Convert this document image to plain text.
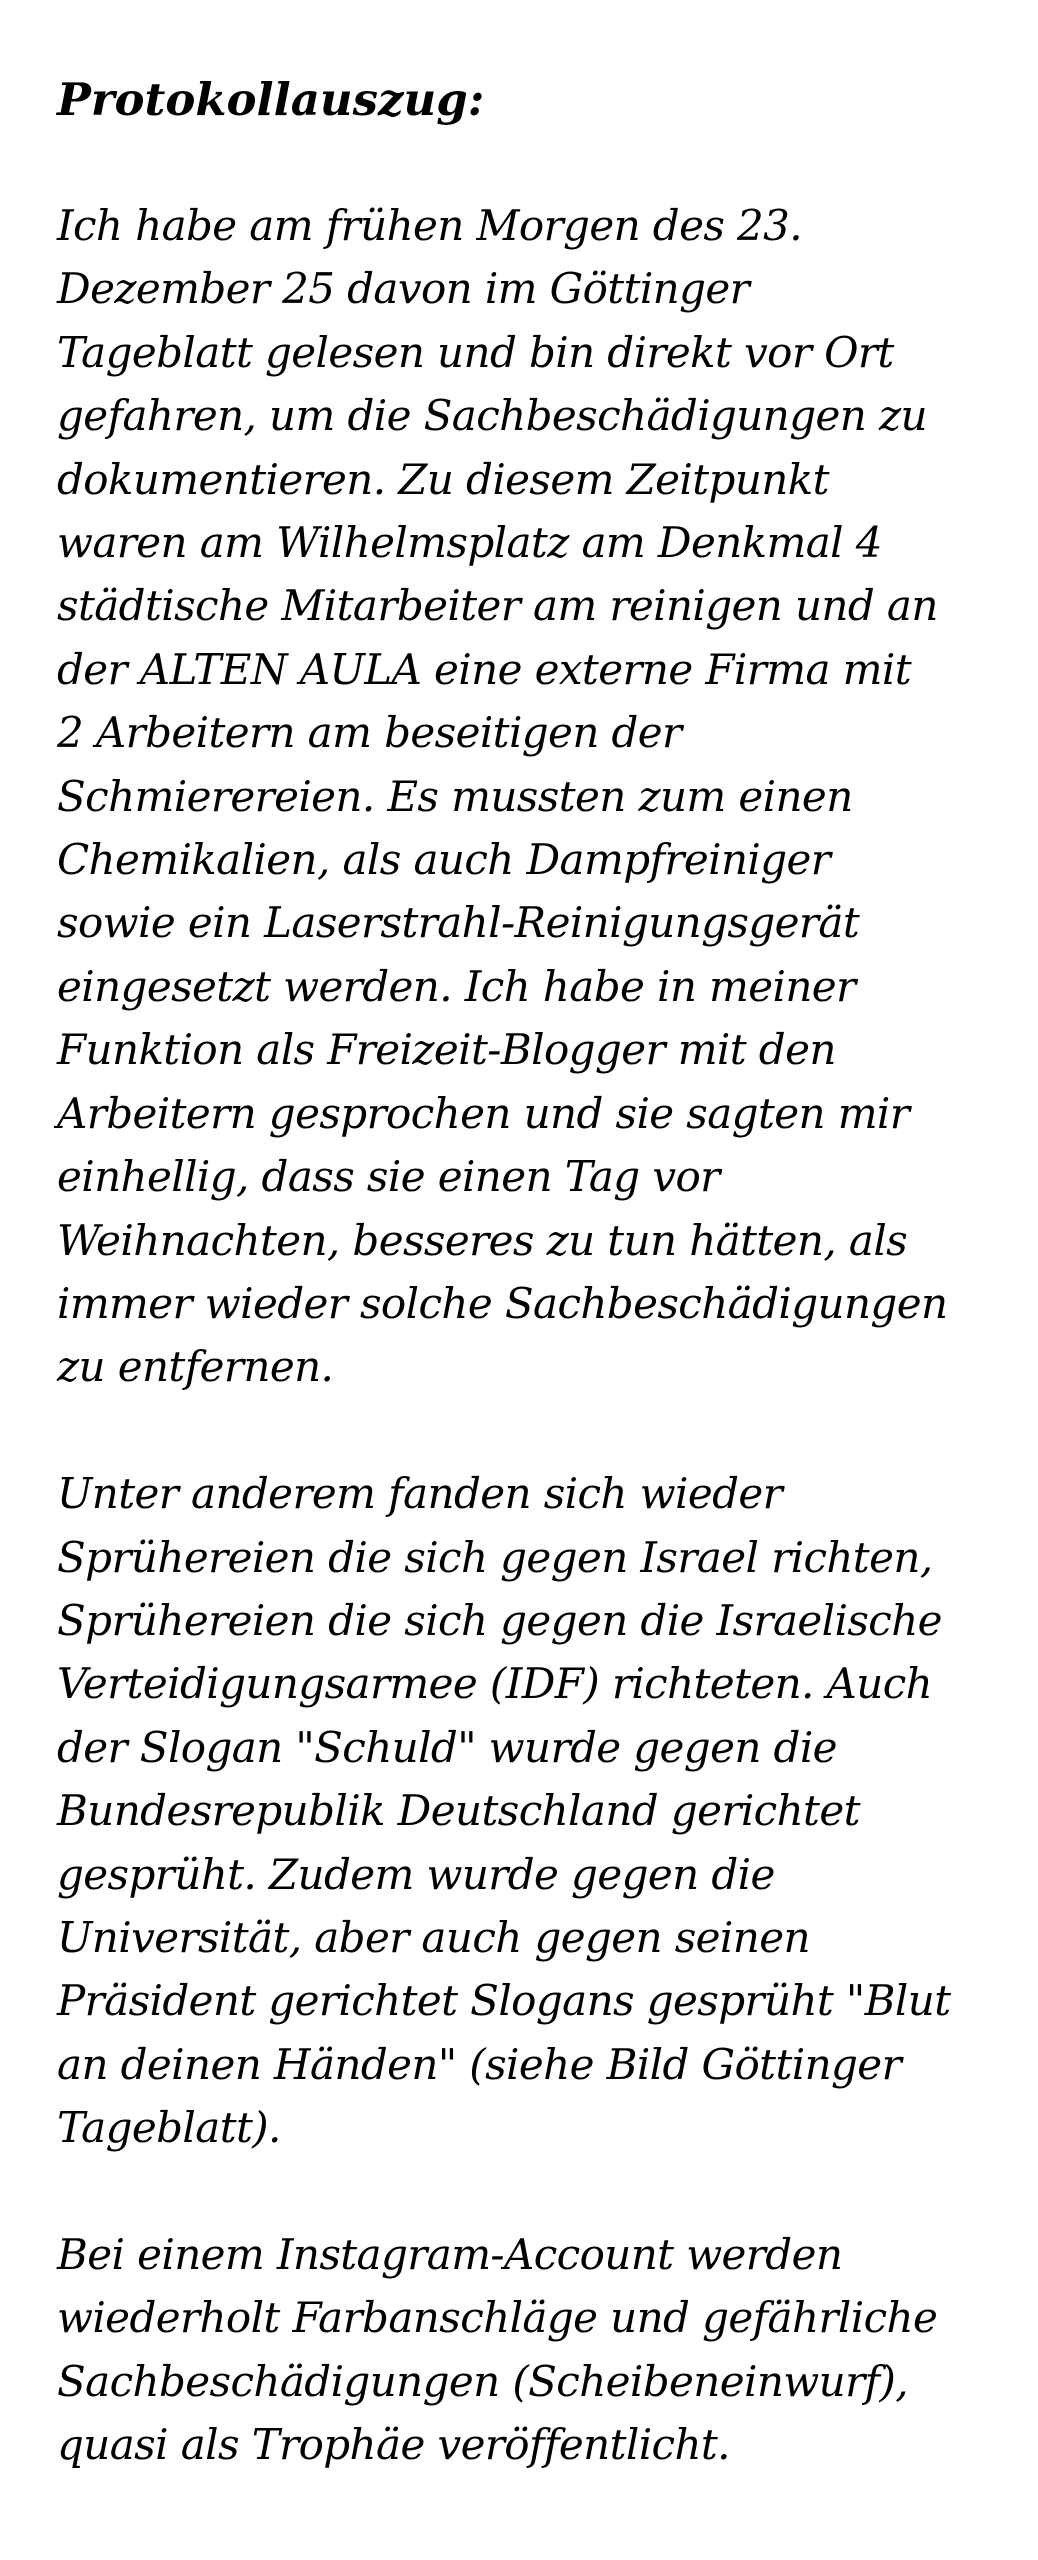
Protokollauszug:
Ich habe am frühen Morgen des 23.
Dezember 25 davon im Göttinger
Tageblatt gelesen und bin direkt vor Ort
gefahren, um die Sachbeschädigungen zu
dokumentieren. Zu diesem Zeitpunkt
waren am Wilhelmsplatz am Denkmal 4
städtische Mitarbeiter am reinigen und an
der ALTEN AULA eine externe Firma mit
2 Arbeitern am beseitigen der
Schmierereien. Es mussten zum einen
Chemikalien, als auch Dampfreiniger
sowie ein Laserstrahl-Reinigungsgerät
eingesetzt werden. Ich habe in meiner
Funktion als Freizeit-Blogger mit den
Arbeitern gesprochen und sie sagten mir
einhellig, dass sie einen Tag vor
Weihnachten, besseres zu tun hätten, als
immer wieder solche Sachbeschädigungen
zu entfernen.
Unter anderem fanden sich wieder
Sprühereien die sich gegen Israel richten,
Sprühereien die sich gegen die Israelische
Verteidigungsarmee (IDF) richteten. Auch
der Slogan "Schuld" wurde gegen die
Bundesrepublik Deutschland gerichtet
gesprüht. Zudem wurde gegen die
Universität, aber auch gegen seinen
Präsident gerichtet Slogans gesprüht "Blut
an deinen Händen" (siehe Bild Göttinger
Tageblatt).
Bei einem Instagram-Account werden
wiederholt Farbanschläge und gefährliche
Sachbeschädigungen (Scheibeneinwurf),
quasi als Trophäe veröffentlicht.
